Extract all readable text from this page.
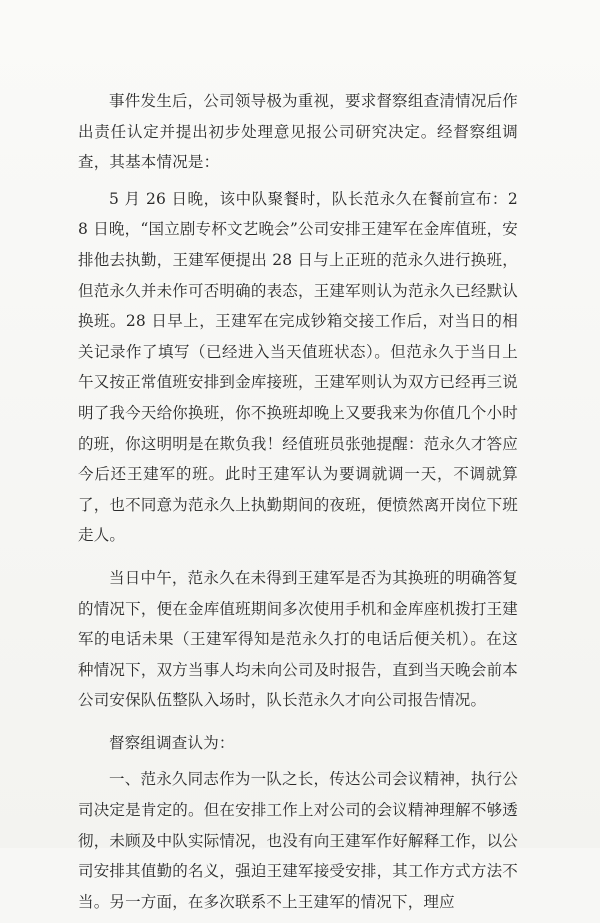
事件发生后，公司领导极为重视，要求督察组查清情况后作出责任认定并提出初步处理意见报公司研究决定。经督察组调查，其基本情况是：

5 月 26 日晚，该中队聚餐时，队长范永久在餐前宣布：28 日晚，“国立剧专杯文艺晚会”公司安排王建军在金库值班，安排他去执勤，王建军便提出 28 日与上正班的范永久进行换班，但范永久并未作可否明确的表态，王建军则认为范永久已经默认换班。28 日早上，王建军在完成钞箱交接工作后，对当日的相关记录作了填写（已经进入当天值班状态）。但范永久于当日上午又按正常值班安排到金库接班，王建军则认为双方已经再三说明了我今天给你换班，你不换班却晚上又要我来为你值几个小时的班，你这明明是在欺负我！经值班员张弛提醒：范永久才答应今后还王建军的班。此时王建军认为要调就调一天，不调就算了，也不同意为范永久上执勤期间的夜班，便愤然离开岗位下班走人。

当日中午，范永久在未得到王建军是否为其换班的明确答复的情况下，便在金库值班期间多次使用手机和金库座机拨打王建军的电话未果（王建军得知是范永久打的电话后便关机）。在这种情况下，双方当事人均未向公司及时报告，直到当天晚会前本公司安保队伍整队入场时，队长范永久才向公司报告情况。

督察组调查认为：

一、范永久同志作为一队之长，传达公司会议精神，执行公司决定是肯定的。但在安排工作上对公司的会议精神理解不够透彻，未顾及中队实际情况，也没有向王建军作好解释工作，以公司安排其值勤的名义，强迫王建军接受安排，其工作方式方法不当。另一方面，在多次联系不上王建军的情况下，理应
